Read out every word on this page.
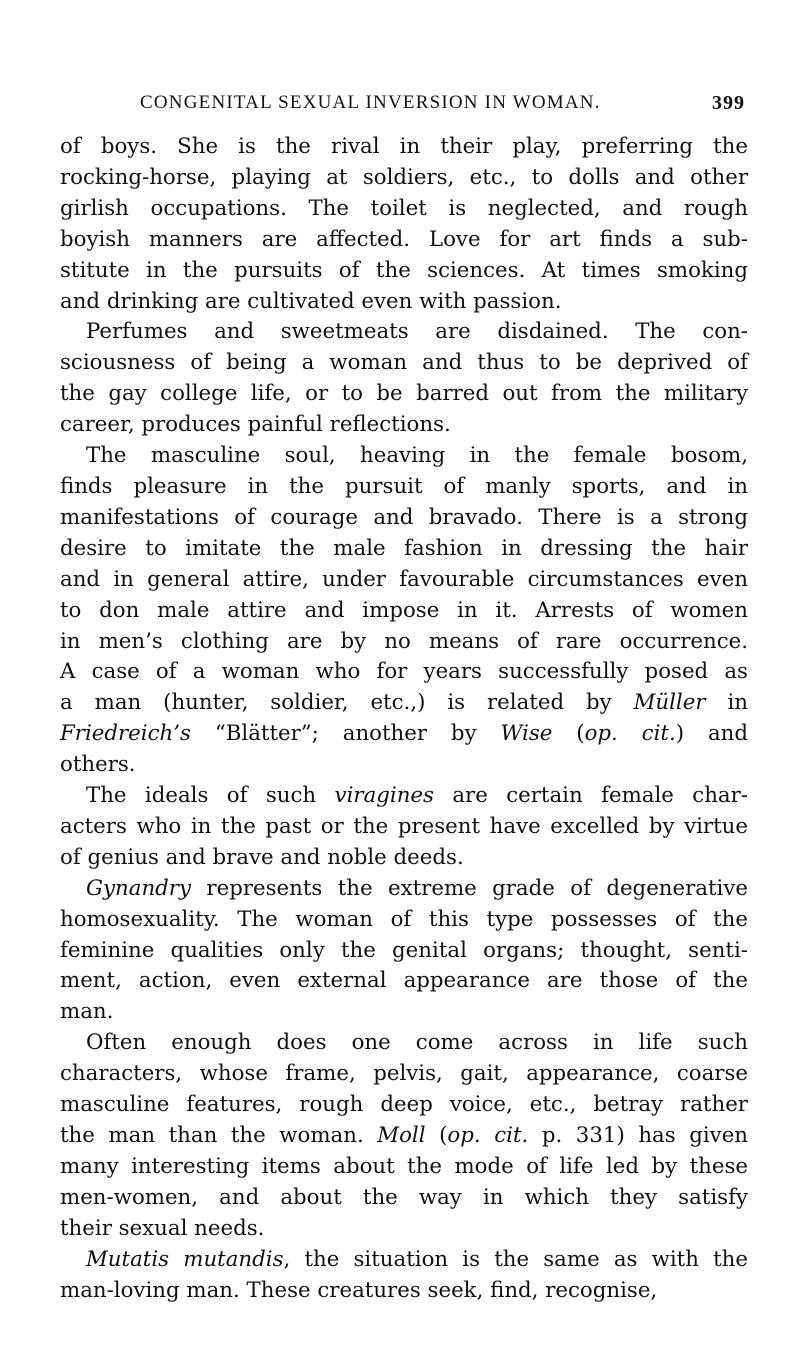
CONGENITAL SEXUAL INVERSION IN WOMAN.	399
of boys. She is the rival in their play, preferring the
rocking-horse, playing at soldiers, etc., to dolls and other
girlish occupations. The toilet is neglected, and rough
boyish manners are affected. Love for art finds a sub-
stitute in the pursuits of the sciences. At times smoking
and drinking are cultivated even with passion.
Perfumes and sweetmeats are disdained. The con-
sciousness of being a woman and thus to be deprived of
the gay college life, or to be barred out from the military
career, produces painful reflections.
The masculine soul, heaving in the female bosom,
finds pleasure in the pursuit of manly sports, and in
manifestations of courage and bravado. There is a strong
desire to imitate the male fashion in dressing the hair
and in general attire, under favourable circumstances even
to don male attire and impose in it. Arrests of women
in men’s clothing are by no means of rare occurrence.
A case of a woman who for years successfully posed as
a man (hunter, soldier, etc.,) is related by Müller in
Friedreich’s “Blätter”; another by Wise (op. cit.) and
others.
The ideals of such viragines are certain female char-
acters who in the past or the present have excelled by virtue
of genius and brave and noble deeds.
Gynandry represents the extreme grade of degenerative
homosexuality. The woman of this type possesses of the
feminine qualities only the genital organs; thought, senti-
ment, action, even external appearance are those of the
man.
Often enough does one come across in life such
characters, whose frame, pelvis, gait, appearance, coarse
masculine features, rough deep voice, etc., betray rather
the man than the woman. Moll (op. cit. p. 331) has given
many interesting items about the mode of life led by these
men-women, and about the way in which they satisfy
their sexual needs.
Mutatis mutandis, the situation is the same as with the
man-loving man. These creatures seek, find, recognise,
